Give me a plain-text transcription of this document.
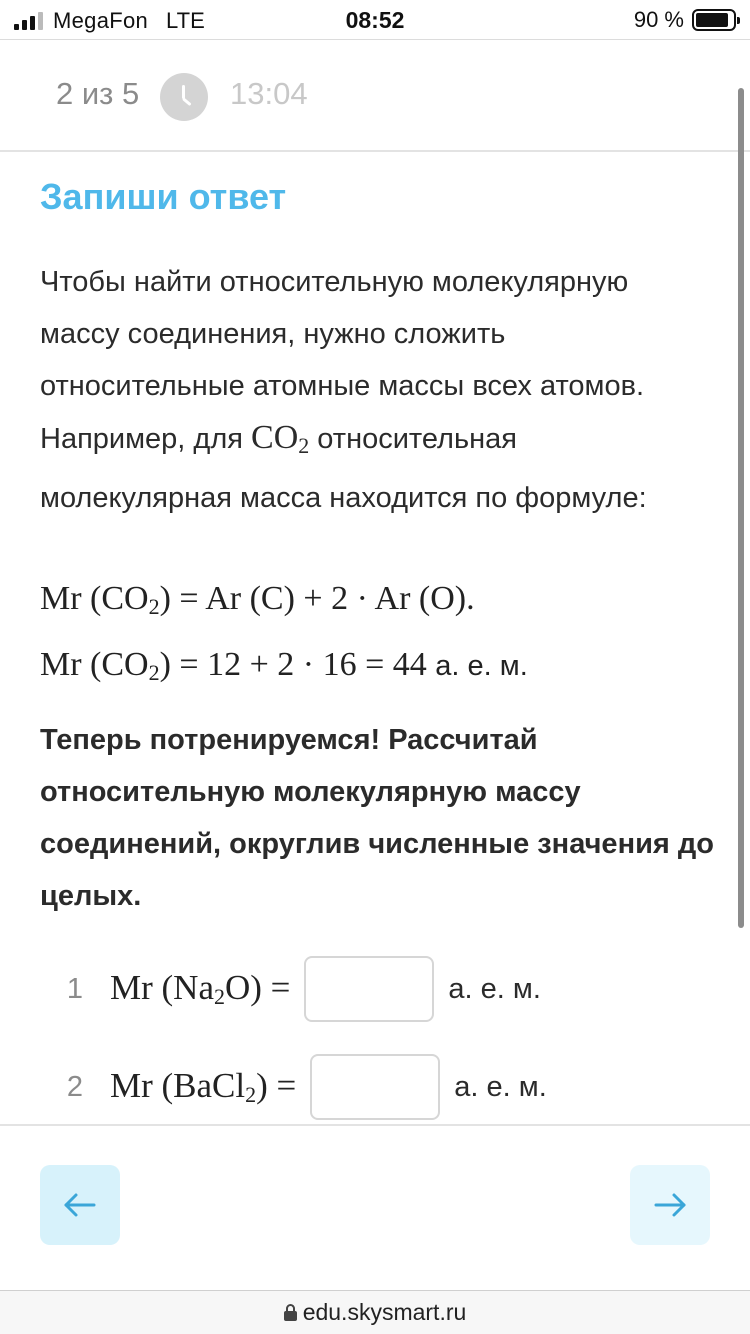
MegaFon LTE	08:52	90 %
2 из 5	13:04
Запиши ответ
Чтобы найти относительную молекулярную массу соединения, нужно сложить относительные атомные массы всех атомов. Например, для $CO_2$ относительная молекулярная масса находится по формуле:
Mr $(CO_2) = Ar$ (C) + 2 · Ar (O).
Mr $(CO_2) = 12 + 2 \cdot 16 = 44$ а. е. м.
Теперь потренируемся! Рассчитай относительную молекулярную массу соединений, округлив численные значения до целых.
1 Mr $(Na_2O)$ =	а. е. м.
2 Mr (BaCl$_2$) =	а. е. м.
edu.skysmart.ru
